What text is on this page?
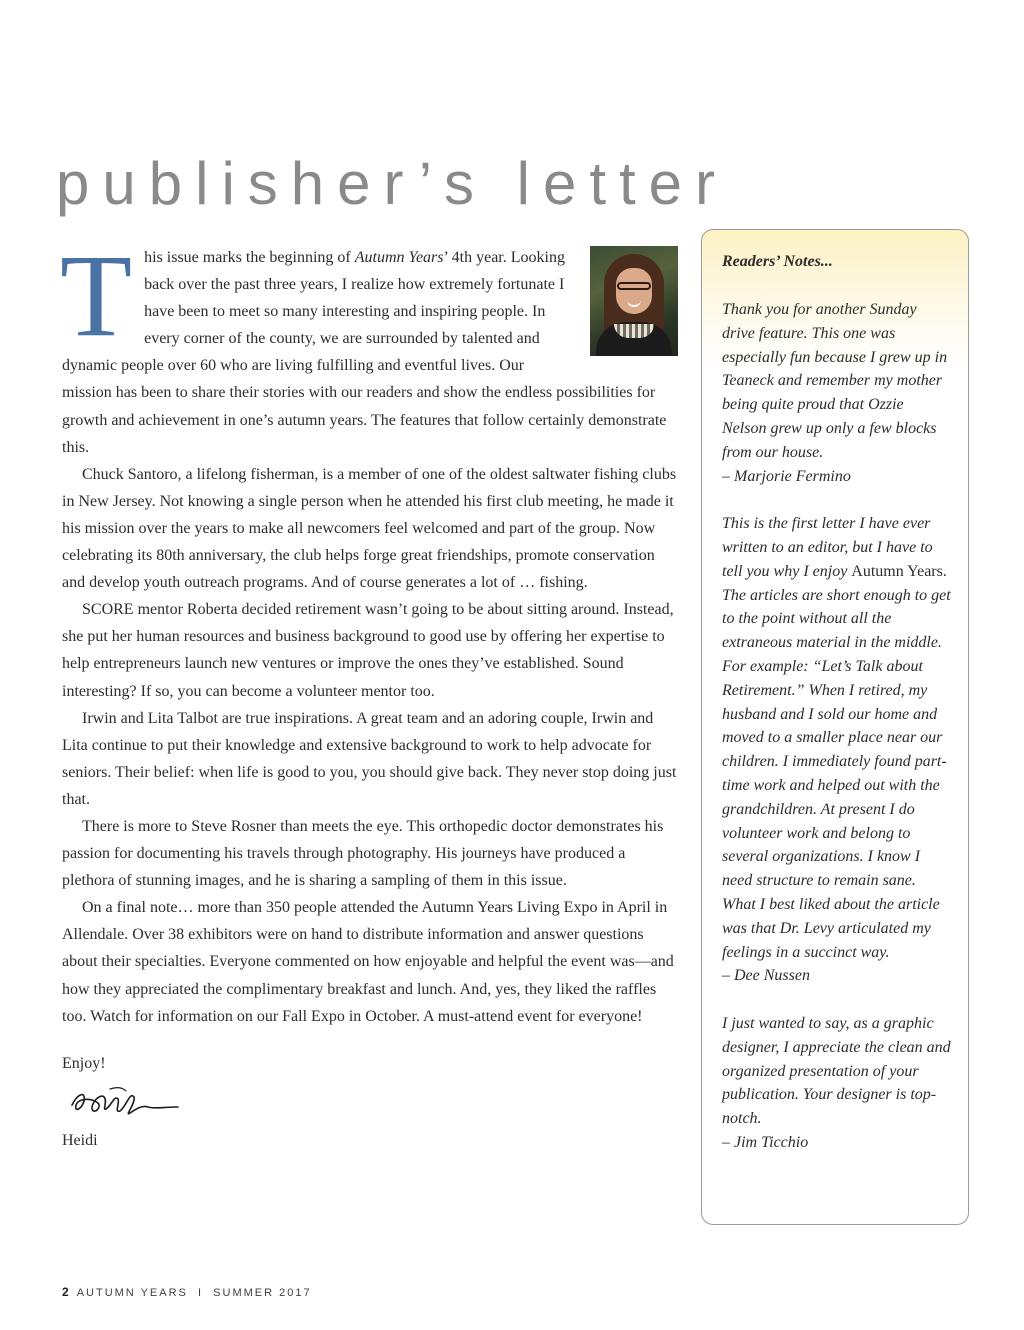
publisher’s letter

T his issue marks the beginning of Autumn Years’ 4th year. Looking back over the past three years, I realize how extremely fortunate I have been to meet so many interesting and inspiring people. In every corner of the county, we are surrounded by talented and dynamic people over 60 who are living fulfilling and eventful lives. Our mission has been to share their stories with our readers and show the endless possibilities for growth and achievement in one’s autumn years. The features that follow certainly demonstrate this.

Chuck Santoro, a lifelong fisherman, is a member of one of the oldest saltwater fishing clubs in New Jersey. Not knowing a single person when he attended his first club meeting, he made it his mission over the years to make all newcomers feel welcomed and part of the group. Now celebrating its 80th anniversary, the club helps forge great friendships, promote conservation and develop youth outreach programs. And of course generates a lot of … fishing.

SCORE mentor Roberta decided retirement wasn’t going to be about sitting around. Instead, she put her human resources and business background to good use by offering her expertise to help entrepreneurs launch new ventures or improve the ones they’ve established. Sound interesting? If so, you can become a volunteer mentor too.

Irwin and Lita Talbot are true inspirations. A great team and an adoring couple, Irwin and Lita continue to put their knowledge and extensive background to work to help advocate for seniors. Their belief: when life is good to you, you should give back. They never stop doing just that.

There is more to Steve Rosner than meets the eye. This orthopedic doctor demonstrates his passion for documenting his travels through photography. His journeys have produced a plethora of stunning images, and he is sharing a sampling of them in this issue.

On a final note… more than 350 people attended the Autumn Years Living Expo in April in Allendale. Over 38 exhibitors were on hand to distribute information and answer questions about their specialties. Everyone commented on how enjoyable and helpful the event was—and how they appreciated the complimentary breakfast and lunch. And, yes, they liked the raffles too. Watch for information on our Fall Expo in October. A must-attend event for everyone!

Enjoy!

Heidi

Readers’ Notes...

Thank you for another Sunday drive feature. This one was especially fun because I grew up in Teaneck and remember my mother being quite proud that Ozzie Nelson grew up only a few blocks from our house.
– Marjorie Fermino

This is the first letter I have ever written to an editor, but I have to tell you why I enjoy Autumn Years. The articles are short enough to get to the point without all the extraneous material in the middle. For example: “Let’s Talk about Retirement.” When I retired, my husband and I sold our home and moved to a smaller place near our children. I immediately found part-time work and helped out with the grandchildren. At present I do volunteer work and belong to several organizations. I know I need structure to remain sane. What I best liked about the article was that Dr. Levy articulated my feelings in a succinct way.
– Dee Nussen

I just wanted to say, as a graphic designer, I appreciate the clean and organized presentation of your publication. Your designer is top-notch.
– Jim Ticchio

2 AUTUMN YEARS  I  SUMMER 2017
